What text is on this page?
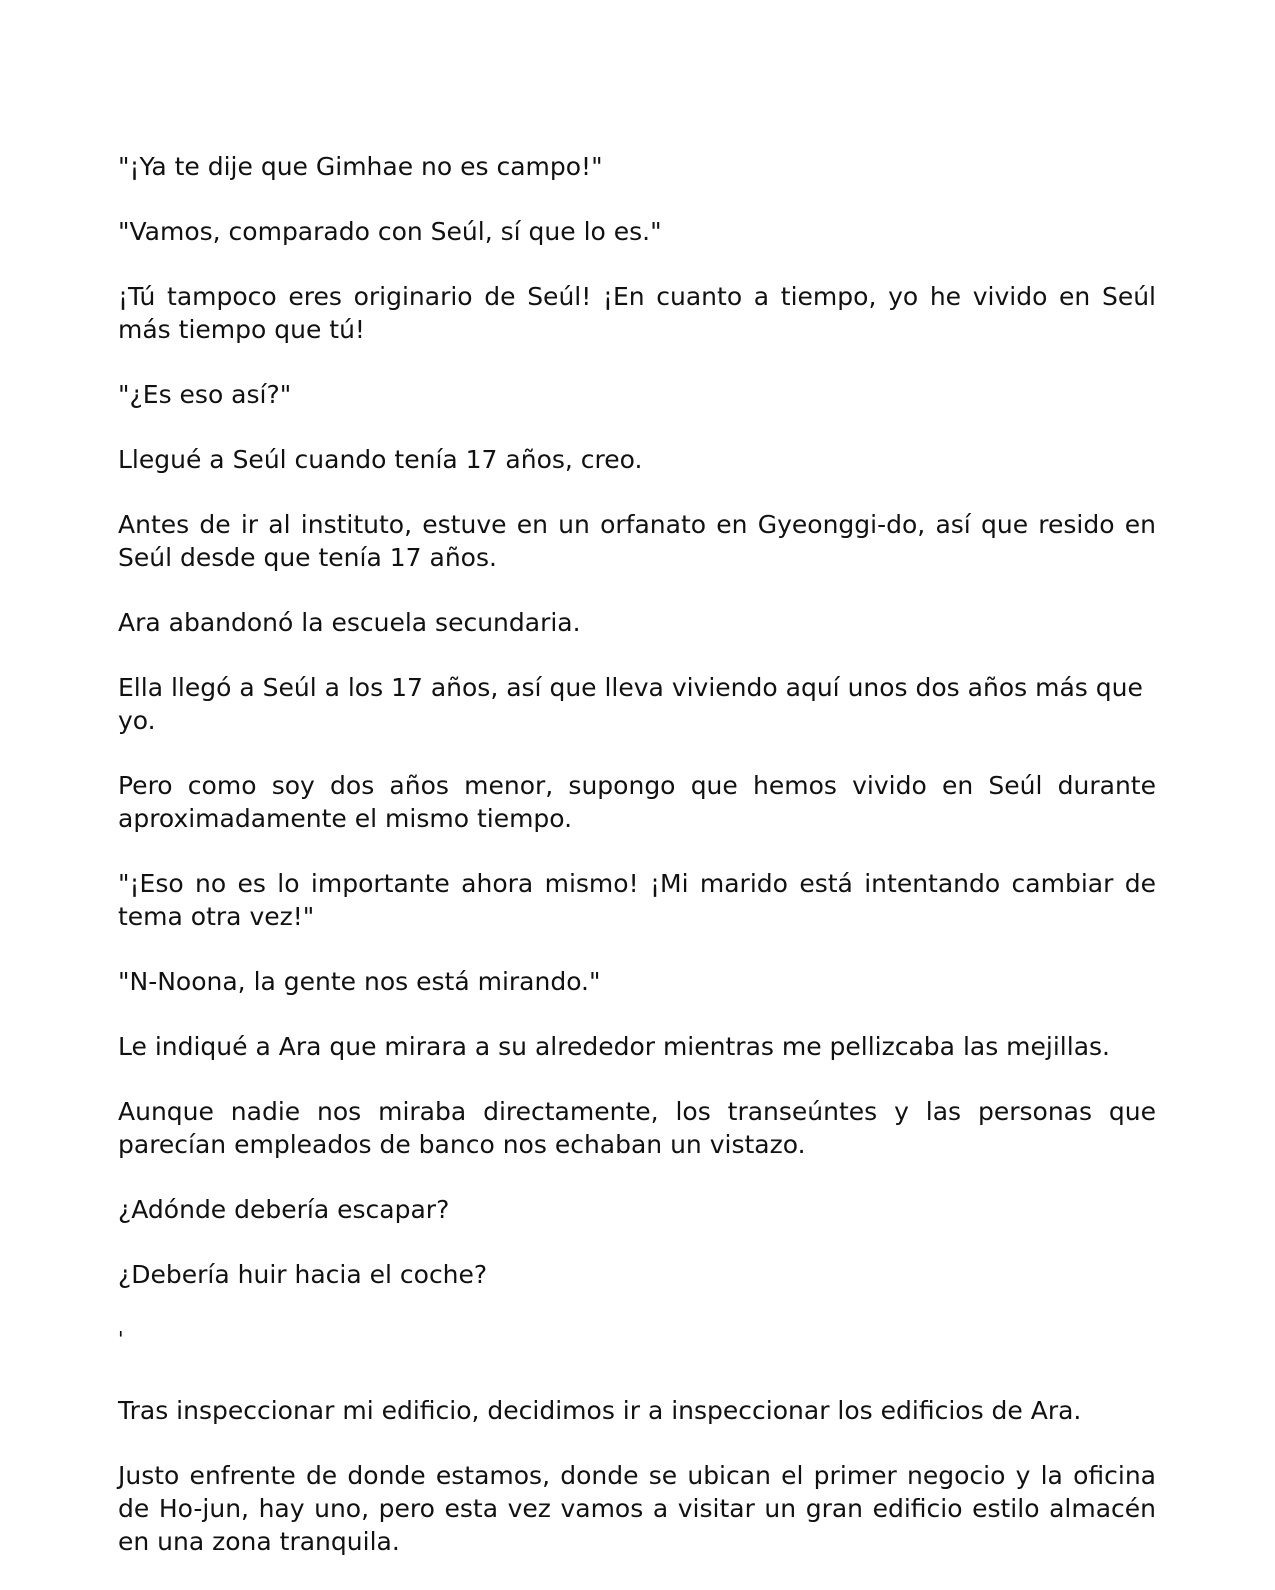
"¡Ya te dije que Gimhae no es campo!"

"Vamos, comparado con Seúl, sí que lo es."

¡Tú tampoco eres originario de Seúl! ¡En cuanto a tiempo, yo he vivido en Seúl más tiempo que tú!

"¿Es eso así?"

Llegué a Seúl cuando tenía 17 años, creo.

Antes de ir al instituto, estuve en un orfanato en Gyeonggi-do, así que resido en Seúl desde que tenía 17 años.

Ara abandonó la escuela secundaria.

Ella llegó a Seúl a los 17 años, así que lleva viviendo aquí unos dos años más que yo.

Pero como soy dos años menor, supongo que hemos vivido en Seúl durante aproximadamente el mismo tiempo.

"¡Eso no es lo importante ahora mismo! ¡Mi marido está intentando cambiar de tema otra vez!"

"N-Noona, la gente nos está mirando."

Le indiqué a Ara que mirara a su alrededor mientras me pellizcaba las mejillas.

Aunque nadie nos miraba directamente, los transeúntes y las personas que parecían empleados de banco nos echaban un vistazo.

¿Adónde debería escapar?

¿Debería huir hacia el coche?

'

Tras inspeccionar mi edificio, decidimos ir a inspeccionar los edificios de Ara.

Justo enfrente de donde estamos, donde se ubican el primer negocio y la oficina de Ho-jun, hay uno, pero esta vez vamos a visitar un gran edificio estilo almacén en una zona tranquila.
